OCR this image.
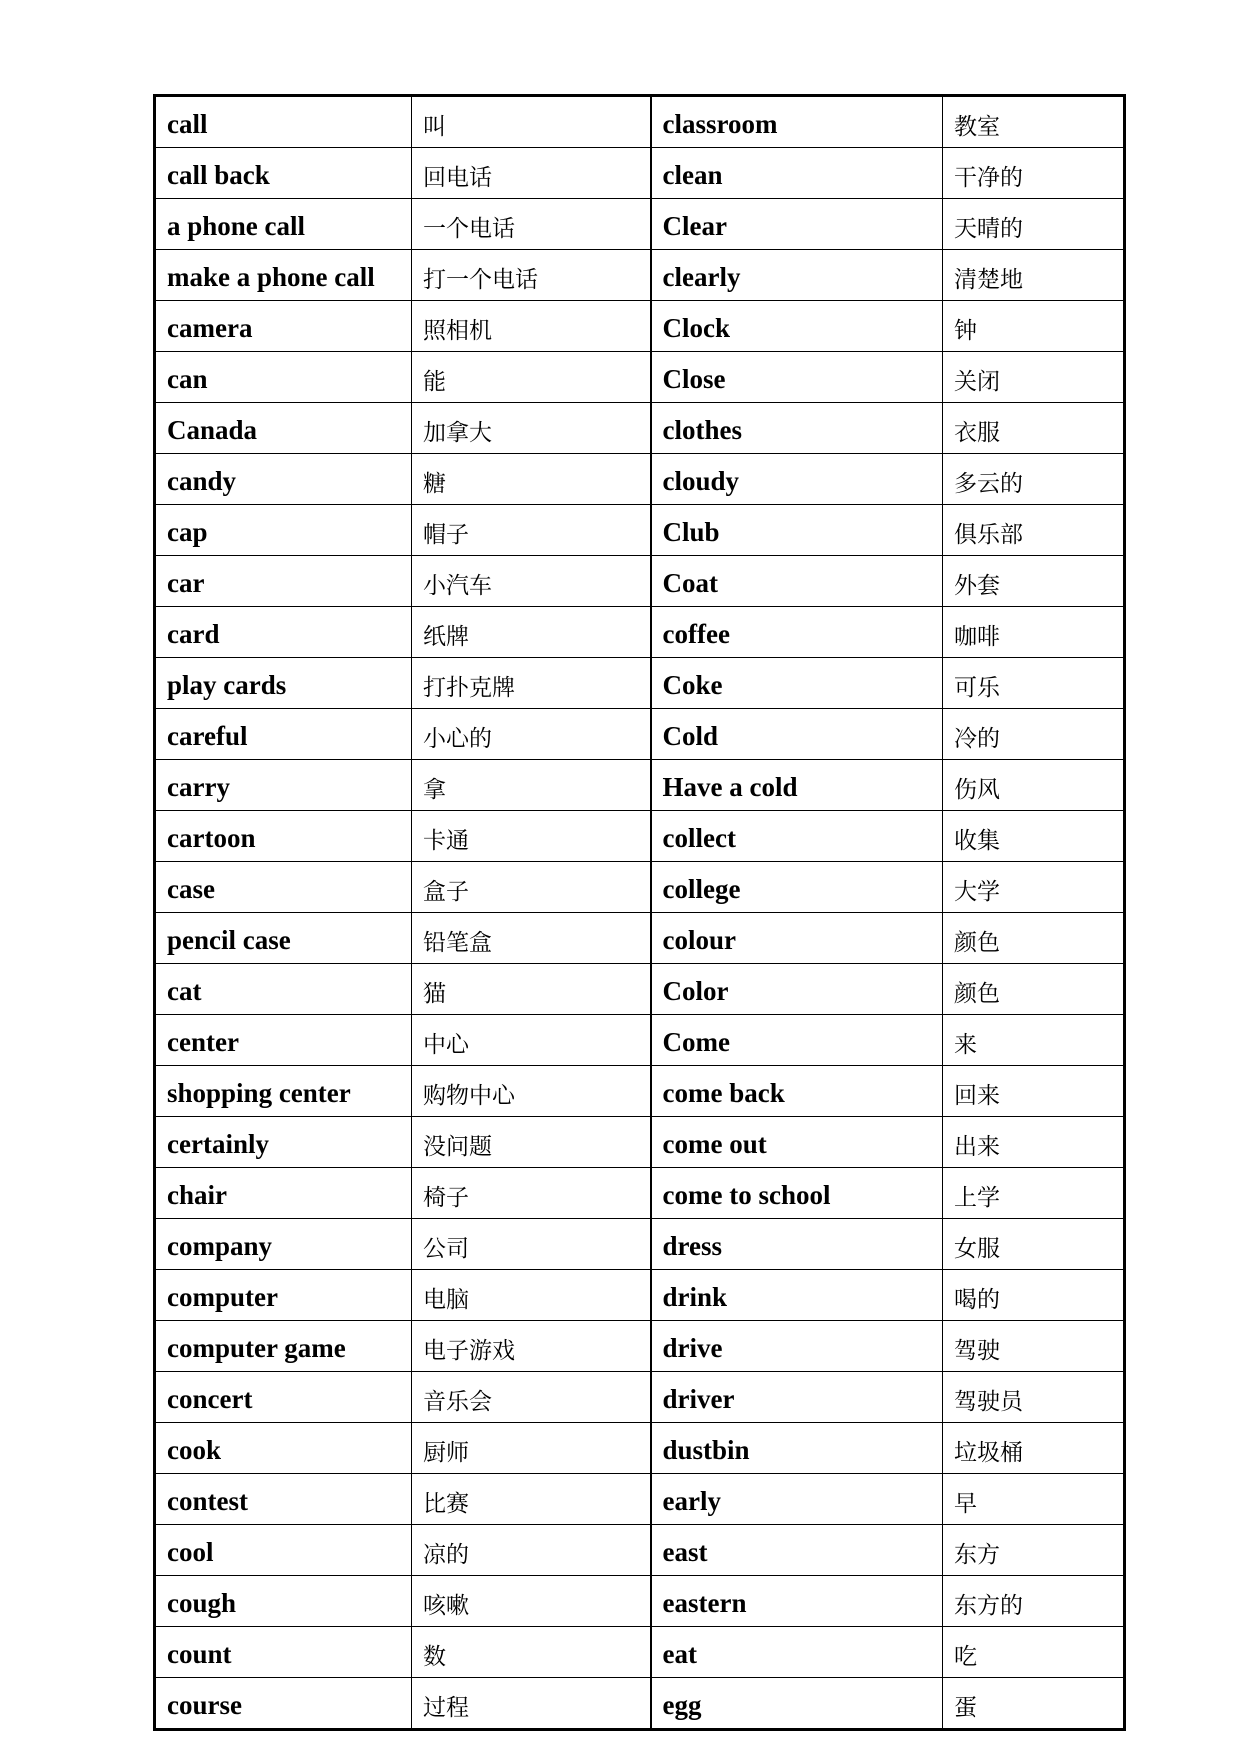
call	叫	classroom	教室
call back	回电话	clean	干净的
a phone call	一个电话	Clear	天晴的
make a phone call	打一个电话	clearly	清楚地
camera	照相机	Clock	钟
can	能	Close	关闭
Canada	加拿大	clothes	衣服
candy	糖	cloudy	多云的
cap	帽子	Club	俱乐部
car	小汽车	Coat	外套
card	纸牌	coffee	咖啡
play cards	打扑克牌	Coke	可乐
careful	小心的	Cold	冷的
carry	拿	Have a cold	伤风
cartoon	卡通	collect	收集
case	盒子	college	大学
pencil case	铅笔盒	colour	颜色
cat	猫	Color	颜色
center	中心	Come	来
shopping center	购物中心	come back	回来
certainly	没问题	come out	出来
chair	椅子	come to school	上学
company	公司	dress	女服
computer	电脑	drink	喝的
computer game	电子游戏	drive	驾驶
concert	音乐会	driver	驾驶员
cook	厨师	dustbin	垃圾桶
contest	比赛	early	早
cool	凉的	east	东方
cough	咳嗽	eastern	东方的
count	数	eat	吃
course	过程	egg	蛋
